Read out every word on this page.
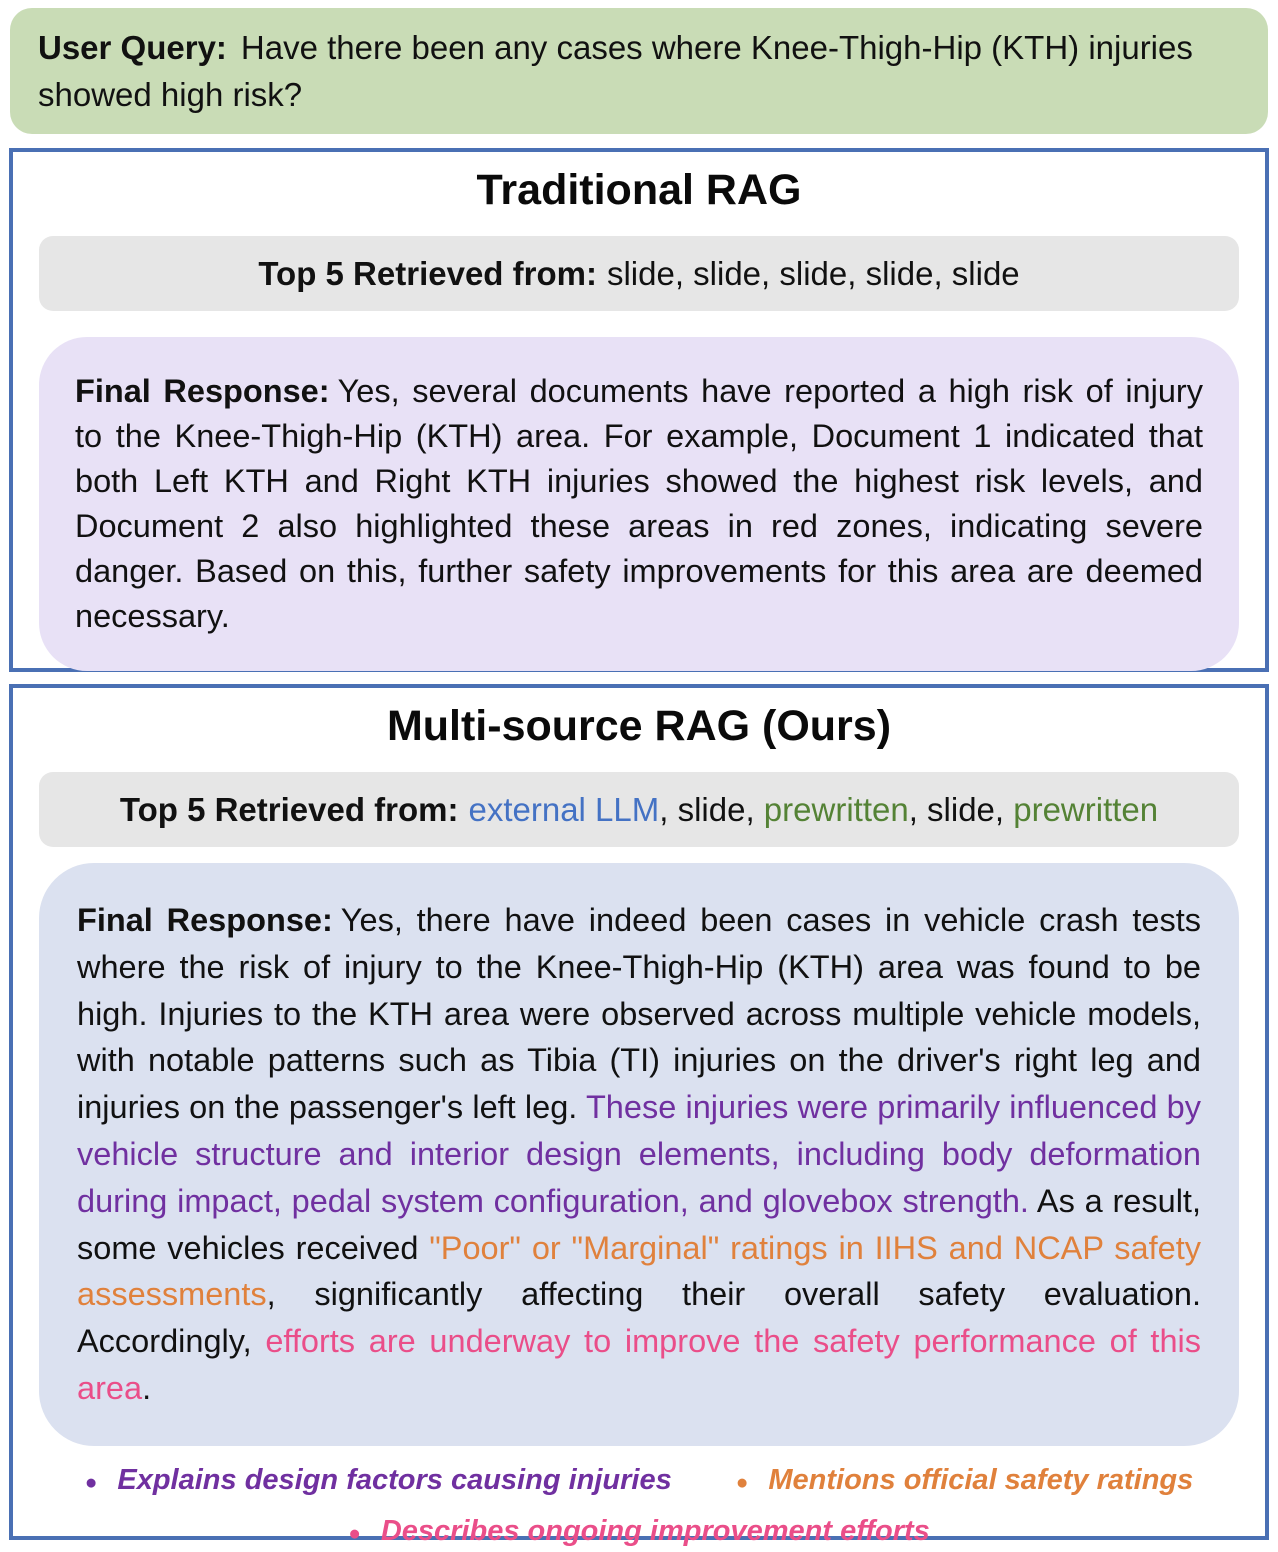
User Query: Have there been any cases where Knee-Thigh-Hip (KTH) injuries showed high risk?
Traditional RAG
Top 5 Retrieved from: slide, slide, slide, slide, slide
Final Response: Yes, several documents have reported a high risk of injury to the Knee-Thigh-Hip (KTH) area. For example, Document 1 indicated that both Left KTH and Right KTH injuries showed the highest risk levels, and Document 2 also highlighted these areas in red zones, indicating severe danger. Based on this, further safety improvements for this area are deemed necessary.
Multi-source RAG (Ours)
Top 5 Retrieved from: external LLM, slide, prewritten, slide, prewritten
Final Response: Yes, there have indeed been cases in vehicle crash tests where the risk of injury to the Knee-Thigh-Hip (KTH) area was found to be high. Injuries to the KTH area were observed across multiple vehicle models, with notable patterns such as Tibia (TI) injuries on the driver's right leg and injuries on the passenger's left leg. These injuries were primarily influenced by vehicle structure and interior design elements, including body deformation during impact, pedal system configuration, and glovebox strength. As a result, some vehicles received "Poor" or "Marginal" ratings in IIHS and NCAP safety assessments, significantly affecting their overall safety evaluation. Accordingly, efforts are underway to improve the safety performance of this area.
● Explains design factors causing injuries	● Mentions official safety ratings
● Describes ongoing improvement efforts
